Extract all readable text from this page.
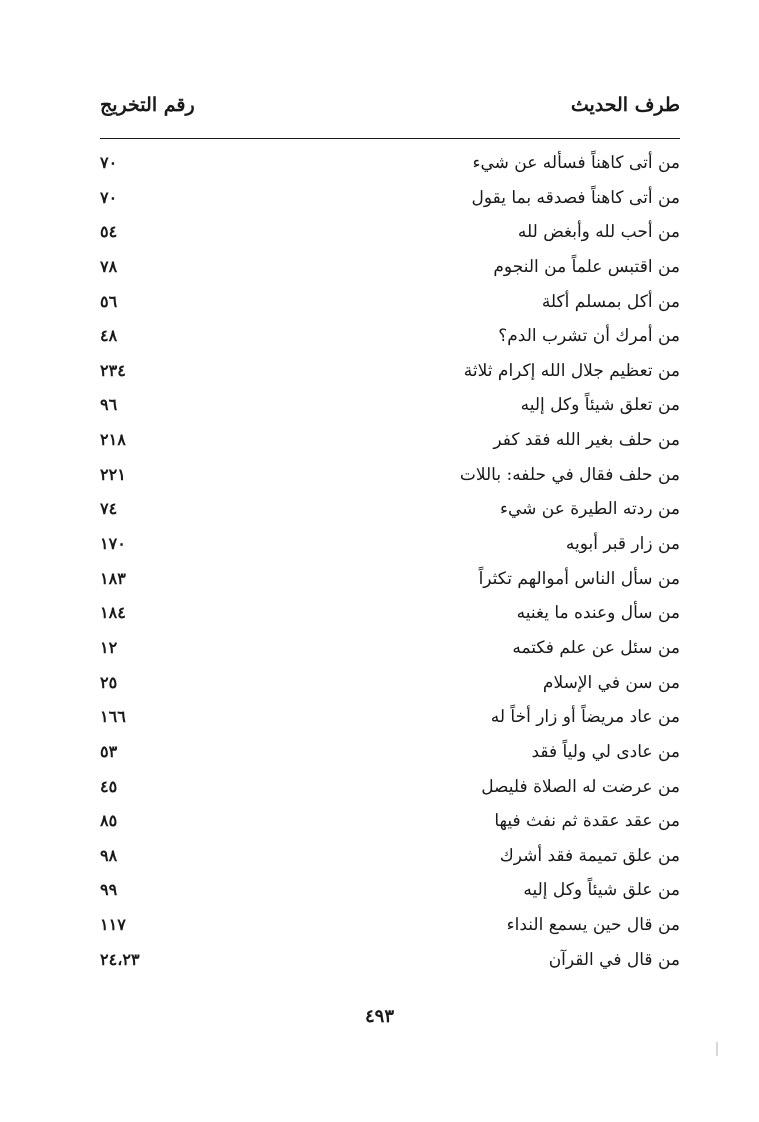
طرف الحديث
رقم التخريج
من أتى كاهناً فسأله عن شيء
٧٠
من أتى كاهناً فصدقه بما يقول
٧٠
من أحب لله وأبغض لله
٥٤
من اقتبس علماً من النجوم
٧٨
من أكل بمسلم أكلة
٥٦
من أمرك أن تشرب الدم؟
٤٨
من تعظيم جلال الله إكرام ثلاثة
٢٣٤
من تعلق شيئاً وكل إليه
٩٦
من حلف بغير الله فقد كفر
٢١٨
من حلف فقال في حلفه: باللات
٢٢١
من ردته الطيرة عن شيء
٧٤
من زار قبر أبويه
١٧٠
من سأل الناس أموالهم تكثراً
١٨٣
من سأل وعنده ما يغنيه
١٨٤
من سئل عن علم فكتمه
١٢
من سن في الإسلام
٢٥
من عاد مريضاً أو زار أخاً له
١٦٦
من عادى لي ولياً فقد
٥٣
من عرضت له الصلاة فليصل
٤٥
من عقد عقدة ثم نفث فيها
٨٥
من علق تميمة فقد أشرك
٩٨
من علق شيئاً وكل إليه
٩٩
من قال حين يسمع النداء
١١٧
من قال في القرآن
٢٤،٢٣
٤٩٣
